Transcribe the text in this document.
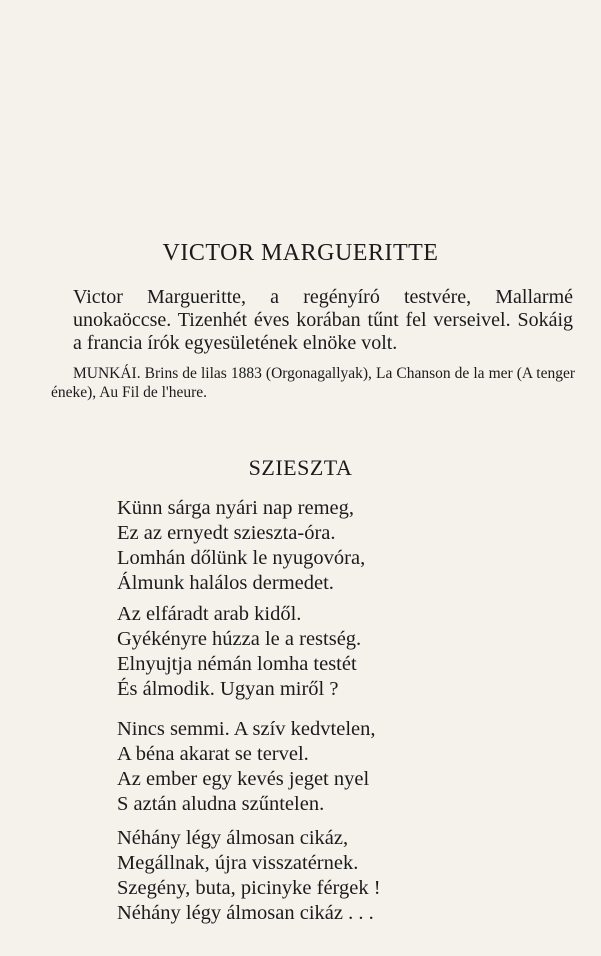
VICTOR MARGUERITTE

Victor Margueritte, a regényíró testvére, Mallarmé unokaöccse. Tizenhét éves korában tűnt fel verseivel. Sokáig a francia írók egyesületének elnöke volt.

MUNKÁI. Brins de lilas 1883 (Orgonagallyak), La Chanson de la mer (A tenger éneke), Au Fil de l'heure.
SZIESZTA
Künn sárga nyári nap remeg,
Ez az ernyedt szieszta-óra.
Lomhán dőlünk le nyugovóra,
Álmunk halálos dermedet.
Az elfáradt arab kidől.
Gyékényre húzza le a restség.
Elnyujtja némán lomha testét
És álmodik. Ugyan miről ?
Nincs semmi. A szív kedvtelen,
A béna akarat se tervel.
Az ember egy kevés jeget nyel
S aztán aludna szűntelen.
Néhány légy álmosan cikáz,
Megállnak, újra visszatérnek.
Szegény, buta, picinyke férgek !
Néhány légy álmosan cikáz . . .
